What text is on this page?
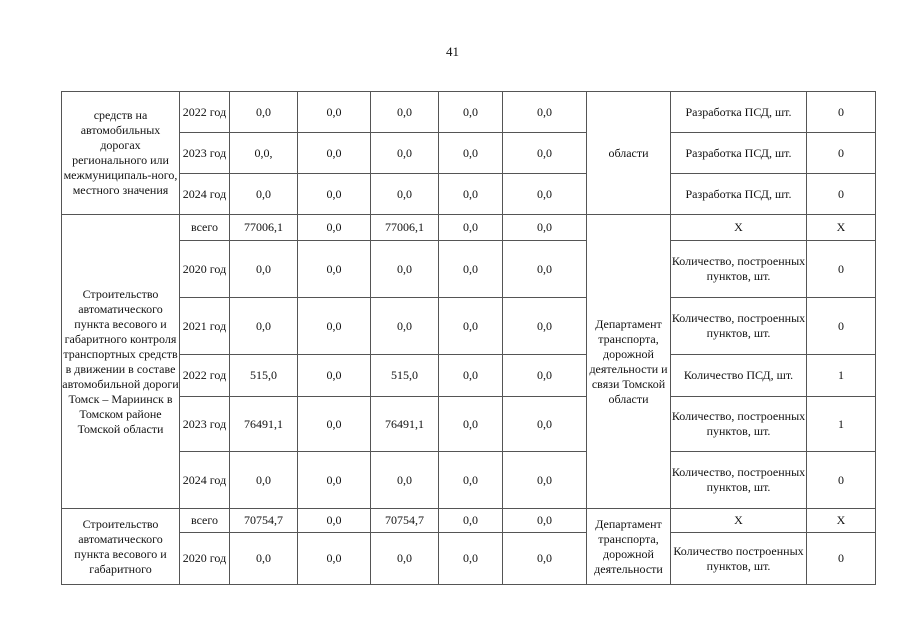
41
средств на автомобильных дорогах регионального или межмуниципаль-ного, местного значения	2022 год	0,0	0,0	0,0	0,0	0,0	области	Разработка ПСД, шт.	0
	2023 год	0,0,	0,0	0,0	0,0	0,0		Разработка ПСД, шт.	0
	2024 год	0,0	0,0	0,0	0,0	0,0		Разработка ПСД, шт.	0
Строительство автоматического пункта весового и габаритного контроля транспортных средств в движении в составе автомобильной дороги Томск – Мариинск в Томском районе Томской области	всего	77006,1	0,0	77006,1	0,0	0,0	Департамент транспорта, дорожной деятельности и связи Томской области	Х	Х
	2020 год	0,0	0,0	0,0	0,0	0,0		Количество, построенных пунктов, шт.	0
	2021 год	0,0	0,0	0,0	0,0	0,0		Количество, построенных пунктов, шт.	0
	2022 год	515,0	0,0	515,0	0,0	0,0		Количество ПСД, шт.	1
	2023 год	76491,1	0,0	76491,1	0,0	0,0		Количество, построенных пунктов, шт.	1
	2024 год	0,0	0,0	0,0	0,0	0,0		Количество, построенных пунктов, шт.	0
Строительство автоматического пункта весового и габаритного	всего	70754,7	0,0	70754,7	0,0	0,0	Департамент транспорта, дорожной деятельности	Х	Х
	2020 год	0,0	0,0	0,0	0,0	0,0		Количество построенных пунктов, шт.	0
